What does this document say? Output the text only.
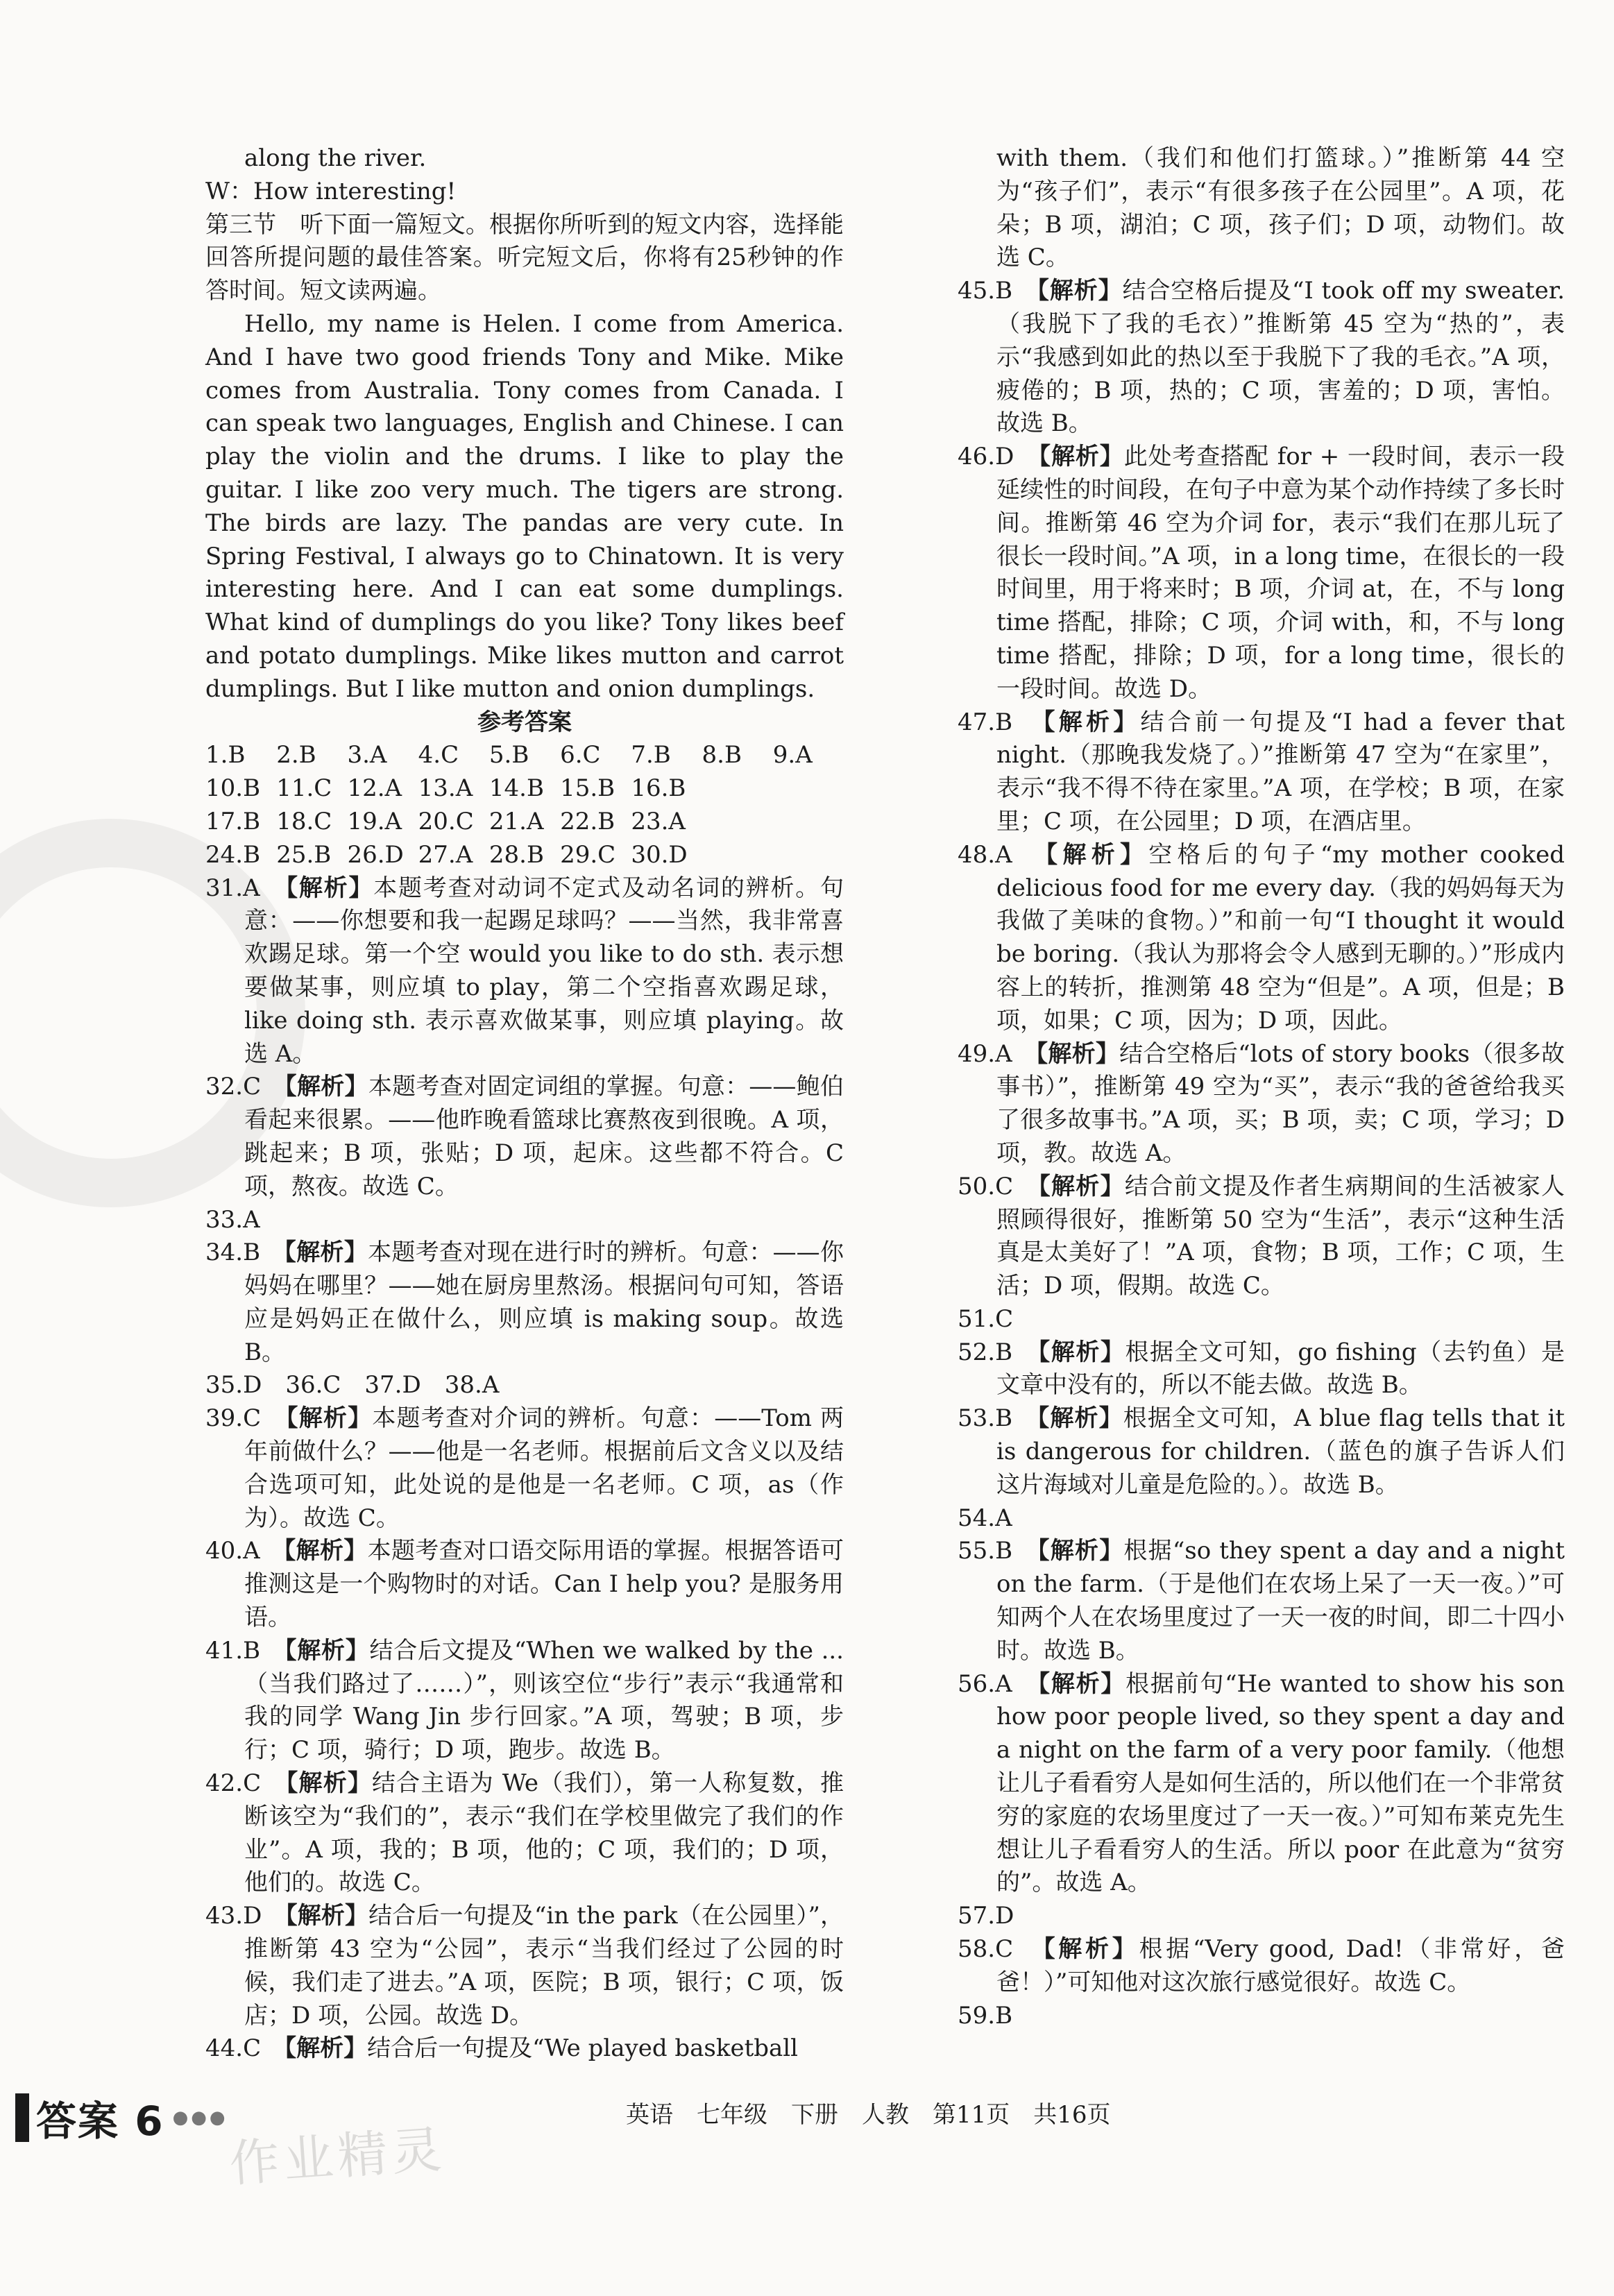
along the river.

W：How interesting!

第三节　听下面一篇短文。根据你所听到的短文内容，选择能回答所提问题的最佳答案。听完短文后，你将有25秒钟的作答时间。短文读两遍。

Hello, my name is Helen. I come from America. And I have two good friends Tony and Mike. Mike comes from Australia. Tony comes from Canada. I can speak two languages, English and Chinese. I can play the violin and the drums. I like to play the guitar. I like zoo very much. The tigers are strong. The birds are lazy. The pandas are very cute. In Spring Festival, I always go to Chinatown. It is very interesting here. And I can eat some dumplings. What kind of dumplings do you like? Tony likes beef and potato dumplings. Mike likes mutton and carrot dumplings. But I like mutton and onion dumplings.

参考答案

1.B	2.B	3.A	4.C	5.B	6.C	7.B	8.B	9.A
10.B 11.C 12.A 13.A 14.B 15.B 16.B
17.B 18.C 19.A 20.C 21.A 22.B 23.A
24.B 25.B 26.D 27.A 28.B 29.C 30.D

31.A　 【解析】本题考查对动词不定式及动名词的辨析。句意：——你想要和我一起踢足球吗？——当然，我非常喜欢踢足球。第一个空 would you like to do sth. 表示想要做某事，则应填 to play，第二个空指喜欢踢足球，like doing sth. 表示喜欢做某事，则应填 playing。故选 A。

32.C　 【解析】本题考查对固定词组的掌握。句意：——鲍伯看起来很累。——他昨晚看篮球比赛熬夜到很晚。A 项，跳起来；B 项，张贴；D 项，起床。这些都不符合。C 项，熬夜。故选 C。

33.A

34.B　 【解析】本题考查对现在进行时的辨析。句意：——你妈妈在哪里？——她在厨房里熬汤。根据问句可知，答语应是妈妈正在做什么，则应填 is making soup。故选 B。

35.D　36.C　37.D　38.A

39.C　 【解析】本题考查对介词的辨析。句意：——Tom 两年前做什么？——他是一名老师。根据前后文含义以及结合选项可知，此处说的是他是一名老师。C 项，as（作为）。故选 C。

40.A　 【解析】本题考查对口语交际用语的掌握。根据答语可推测这是一个购物时的对话。Can I help you? 是服务用语。

41.B　 【解析】结合后文提及“When we walked by the ...（当我们路过了……）”，则该空位“步行”表示“我通常和我的同学 Wang Jin 步行回家。”A 项，驾驶；B 项，步行；C 项，骑行；D 项，跑步。故选 B。

42.C　 【解析】结合主语为 We（我们），第一人称复数，推断该空为“我们的”，表示“我们在学校里做完了我们的作业”。A 项，我的；B 项，他的；C 项，我们的；D 项，他们的。故选 C。

43.D　 【解析】结合后一句提及“in the park（在公园里）”，推断第 43 空为“公园”，表示“当我们经过了公园的时候，我们走了进去。”A 项，医院；B 项，银行；C 项，饭店；D 项，公园。故选 D。

44.C　 【解析】结合后一句提及“We played basketball

with them.（我们和他们打篮球。）”推断第 44 空为“孩子们”，表示“有很多孩子在公园里”。A 项，花朵；B 项，湖泊；C 项，孩子们；D 项，动物们。故选 C。

45.B　 【解析】结合空格后提及“I took off my sweater.（我脱下了我的毛衣）”推断第 45 空为“热的”，表示“我感到如此的热以至于我脱下了我的毛衣。”A 项，疲倦的；B 项，热的；C 项，害羞的；D 项，害怕。故选 B。

46.D　 【解析】此处考查搭配 for + 一段时间，表示一段延续性的时间段，在句子中意为某个动作持续了多长时间。推断第 46 空为介词 for，表示“我们在那儿玩了很长一段时间。”A 项，in a long time，在很长的一段时间里，用于将来时；B 项，介词 at，在，不与 long time 搭配，排除；C 项，介词 with，和，不与 long time 搭配，排除；D 项，for a long time，很长的一段时间。故选 D。

47.B　 【解析】结合前一句提及“I had a fever that night.（那晚我发烧了。）”推断第 47 空为“在家里”，表示“我不得不待在家里。”A 项，在学校；B 项，在家里；C 项，在公园里；D 项，在酒店里。

48.A　 【解析】空格后的句子“my mother cooked delicious food for me every day.（我的妈妈每天为我做了美味的食物。）”和前一句“I thought it would be boring.（我认为那将会令人感到无聊的。）”形成内容上的转折，推测第 48 空为“但是”。A 项，但是；B 项，如果；C 项，因为；D 项，因此。

49.A　 【解析】结合空格后“lots of story books（很多故事书）”，推断第 49 空为“买”，表示“我的爸爸给我买了很多故事书。”A 项，买；B 项，卖；C 项，学习；D 项，教。故选 A。

50.C　 【解析】结合前文提及作者生病期间的生活被家人照顾得很好，推断第 50 空为“生活”，表示“这种生活真是太美好了！”A 项，食物；B 项，工作；C 项，生活；D 项，假期。故选 C。

51.C

52.B　 【解析】根据全文可知，go fishing（去钓鱼）是文章中没有的，所以不能去做。故选 B。

53.B　 【解析】根据全文可知，A blue flag tells that it is dangerous for children.（蓝色的旗子告诉人们这片海域对儿童是危险的。）。故选 B。

54.A

55.B　 【解析】根据“so they spent a day and a night on the farm.（于是他们在农场上呆了一天一夜。）”可知两个人在农场里度过了一天一夜的时间，即二十四小时。故选 B。

56.A　 【解析】根据前句“He wanted to show his son how poor people lived, so they spent a day and a night on the farm of a very poor family.（他想让儿子看看穷人是如何生活的，所以他们在一个非常贫穷的家庭的农场里度过了一天一夜。）”可知布莱克先生想让儿子看看穷人的生活。所以 poor 在此意为“贫穷的”。故选 A。

57.D

58.C　 【解析】根据“Very good, Dad!（非常好，爸爸！）”可知他对这次旅行感觉很好。故选 C。

59.B

答案 6 ●●●	英语　七年级　下册　人教　第11页　共16页
作业精灵
